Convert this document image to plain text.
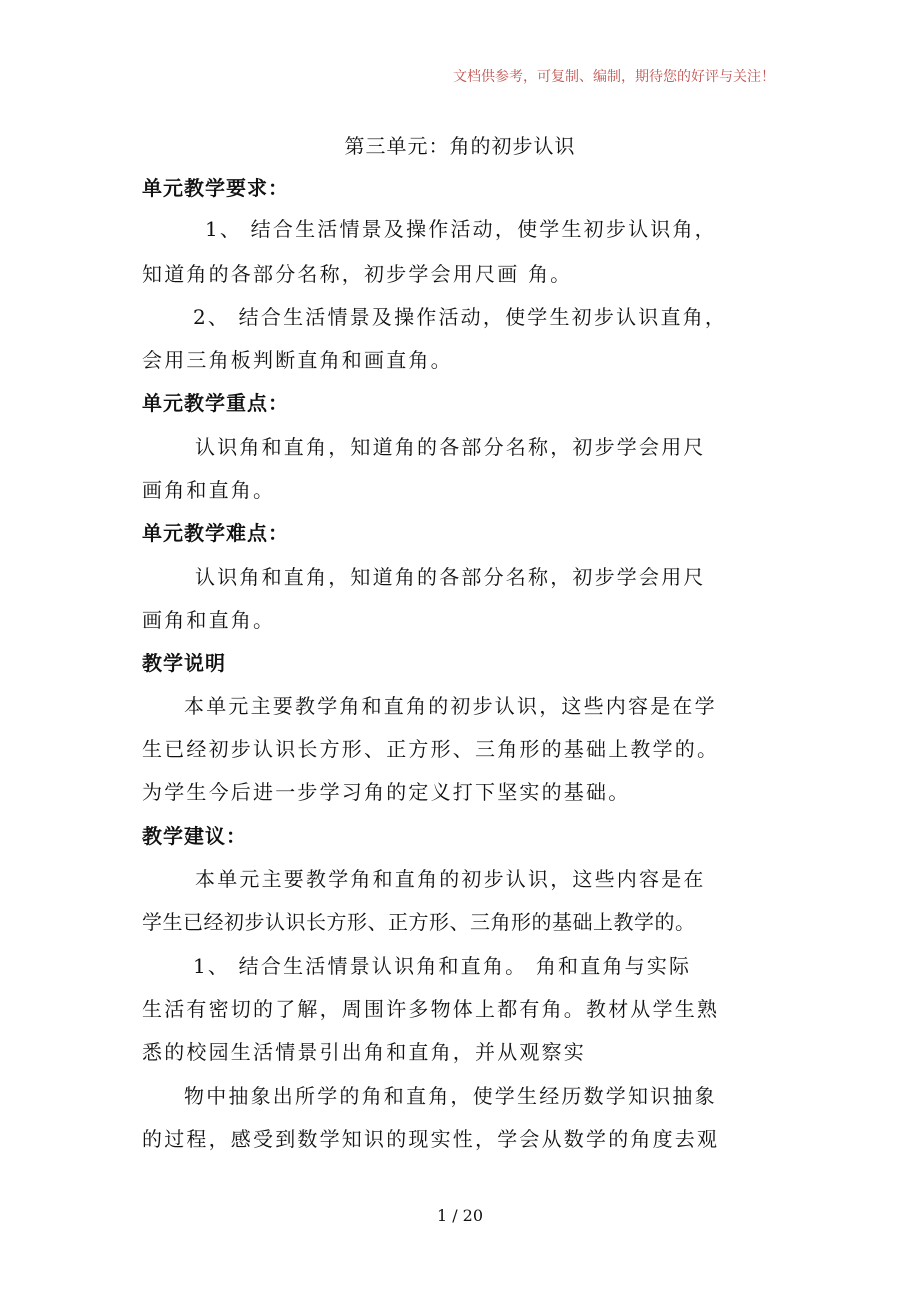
文档供参考，可复制、编制，期待您的好评与关注！
第三单元：角的初步认识
单元教学要求：
1、 结合生活情景及操作活动，使学生初步认识角，
知道角的各部分名称，初步学会用尺画 角。
2、 结合生活情景及操作活动，使学生初步认识直角，
会用三角板判断直角和画直角。
单元教学重点：
认识角和直角，知道角的各部分名称，初步学会用尺
画角和直角。
单元教学难点：
认识角和直角，知道角的各部分名称，初步学会用尺
画角和直角。
教学说明
本单元主要教学角和直角的初步认识，这些内容是在学
生已经初步认识长方形、正方形、三角形的基础上教学的。
为学生今后进一步学习角的定义打下坚实的基础。
教学建议：
本单元主要教学角和直角的初步认识，这些内容是在
学生已经初步认识长方形、正方形、三角形的基础上教学的。
1、 结合生活情景认识角和直角。 角和直角与实际
生活有密切的了解，周围许多物体上都有角。教材从学生熟
悉的校园生活情景引出角和直角，并从观察实
物中抽象出所学的角和直角，使学生经历数学知识抽象
的过程，感受到数学知识的现实性，学会从数学的角度去观
1 / 20
